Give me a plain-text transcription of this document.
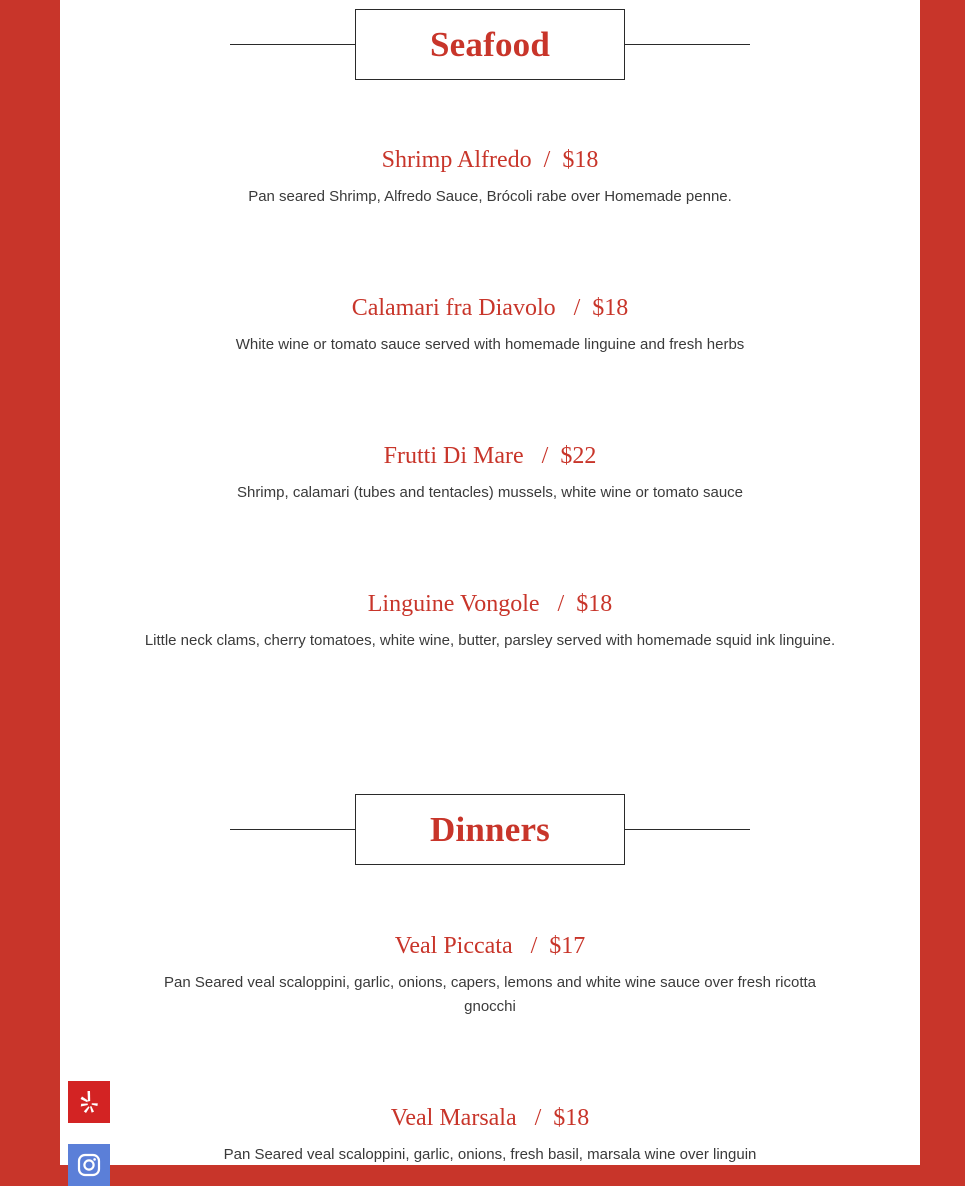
Seafood
Shrimp Alfredo  /  $18
Pan seared Shrimp, Alfredo Sauce, Brócoli rabe over Homemade penne.
Calamari fra Diavolo   /  $18
White wine or tomato sauce served with homemade linguine and fresh herbs
Frutti Di Mare   /  $22
Shrimp, calamari (tubes and tentacles) mussels, white wine or tomato sauce
Linguine Vongole   /  $18
Little neck clams, cherry tomatoes, white wine, butter, parsley served with homemade squid ink linguine.
Dinners
Veal Piccata   /  $17
Pan Seared veal scaloppini, garlic, onions, capers, lemons and white wine sauce over fresh ricotta gnocchi
Veal Marsala   /  $18
Pan Seared veal scaloppini, garlic, onions, fresh basil, marsala wine over linguin
